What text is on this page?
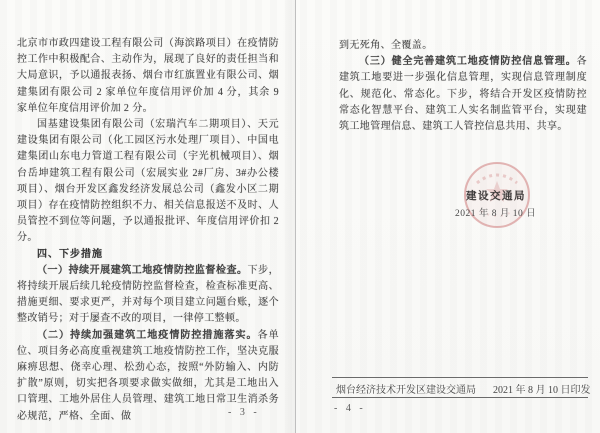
北京市市政四建设工程有限公司（海滨路项目）在疫情防控工作中积极配合、主动作为，展现了良好的责任担当和大局意识，予以通报表扬、烟台市红旗置业有限公司、烟建集团有限公司 2 家单位年度信用评价加 4 分，其余 9 家单位年度信用评价加 2 分。

国基建设集团有限公司（宏瑞汽车二期项目）、天元建设集团有限公司（化工园区污水处理厂项目）、中国电建集团山东电力管道工程有限公司（宇光机械项目）、烟台岳坤建筑工程有限公司（宏展实业 2#厂房、3#办公楼项目）、烟台开发区鑫发经济发展总公司（鑫发小区二期项目）存在疫情防控组织不力、相关信息报送不及时、人员管控不到位等问题，予以通报批评、年度信用评价扣 2 分。

四、下步措施

（一）持续开展建筑工地疫情防控监督检查。下步，将持续开展后续几轮疫情防控监督检查，检查标准更高、措施更细、要求更严，并对每个项目建立问题台账，逐个整改销号；对于屡查不改的项目，一律停工整顿。

（二）持续加强建筑工地疫情防控措施落实。各单位、项目务必高度重视建筑工地疫情防控工作，坚决克服麻痹思想、侥幸心理、松劲心态，按照“外防输入、内防扩散”原则，切实把各项要求做实做细，尤其是工地出入口管理、工地外居住人员管理、建筑工地日常卫生消杀务必规范，严格、全面、做	- 3 -

到无死角、全覆盖。

（三）健全完善建筑工地疫情防控信息管理。各建筑工地要进一步强化信息管理，实现信息管理制度化、规范化、常态化。下步，将结合开发区疫情防控常态化智慧平台、建筑工人实名制监管平台，实现建筑工地管理信息、建筑工人管控信息共用、共享。

建设交通局
2021 年 8 月 10 日
烟台经济技术开发区建设交通局 2021 年 8 月 10 日印发
- 4 -
